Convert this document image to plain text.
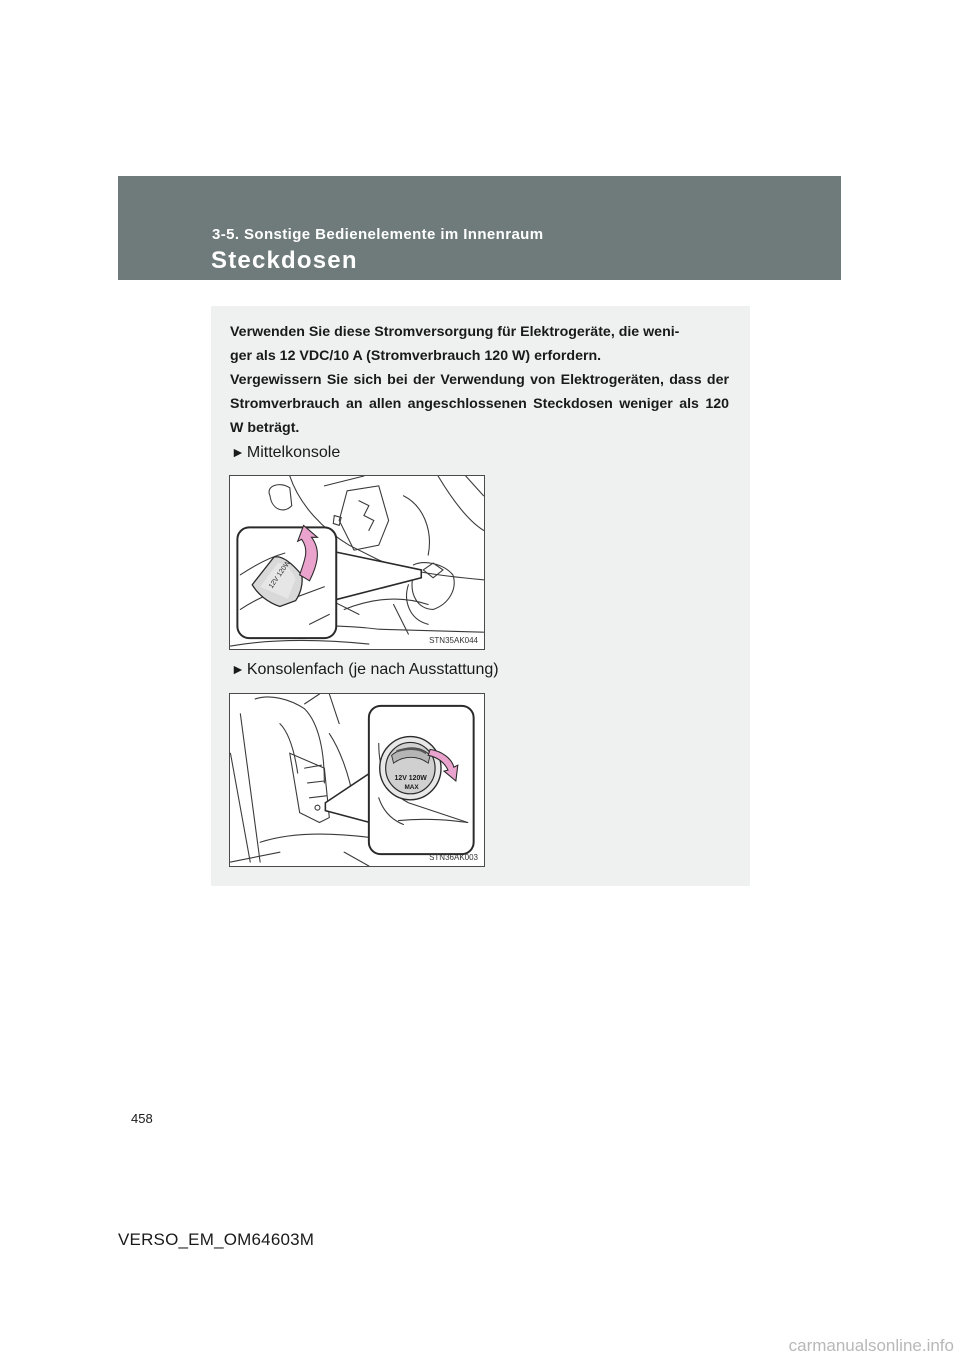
3-5. Sonstige Bedienelemente im Innenraum
Steckdosen

Verwenden Sie diese Stromversorgung für Elektrogeräte, die weni-

ger als 12 VDC/10 A (Stromverbrauch 120 W) erfordern.

Vergewissern Sie sich bei der Verwendung von Elektrogeräten, dass der Stromverbrauch an allen angeschlossenen Steckdosen weniger als 120 W beträgt.

► Mittelkonsole
12V 120W
STN35AK044
► Konsolenfach (je nach Ausstattung)
12V 120W
MAX
STN36AK003
458
VERSO_EM_OM64603M
carmanualsonline.info
